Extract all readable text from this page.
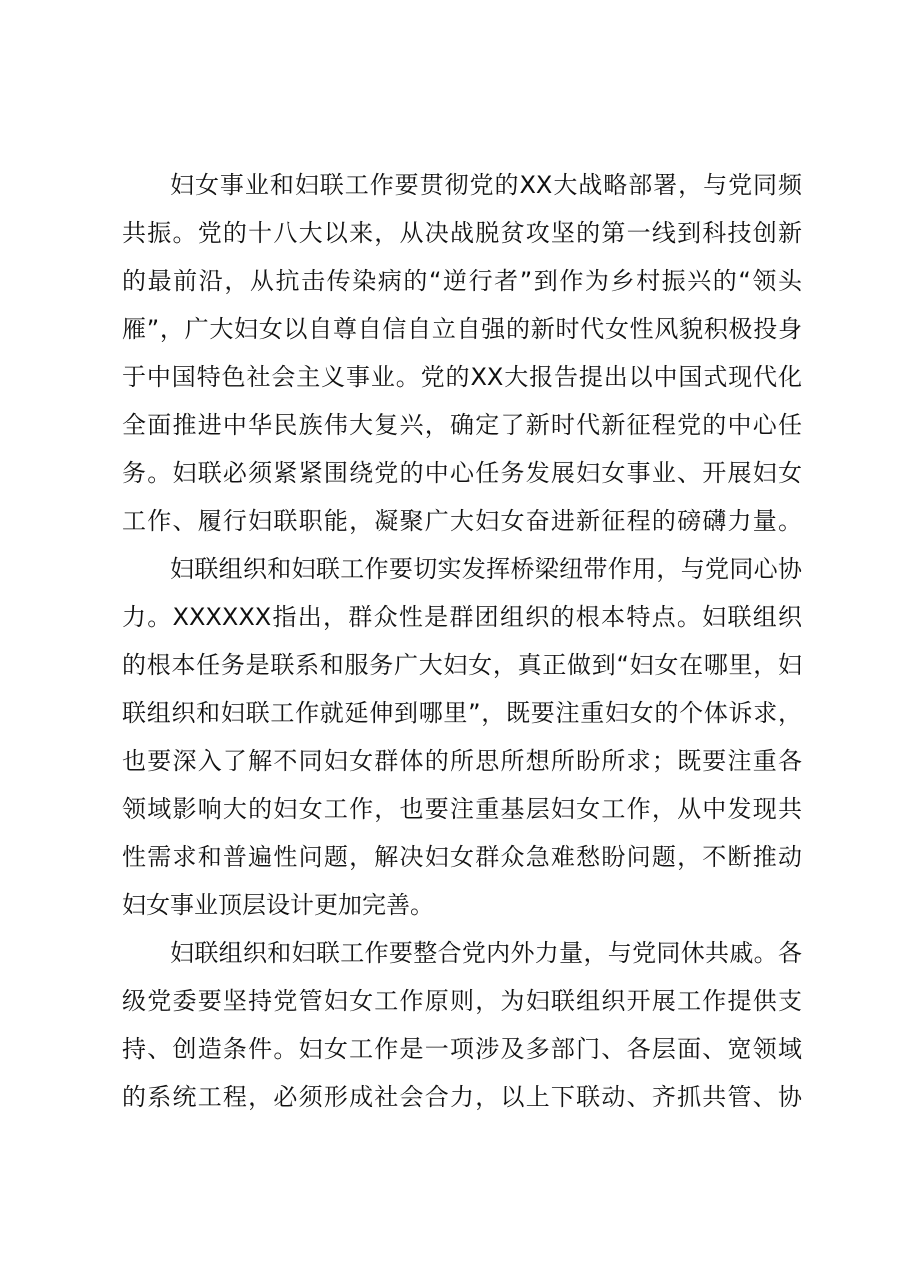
妇女事业和妇联工作要贯彻党的XX大战略部署，与党同频
共振。党的十八大以来，从决战脱贫攻坚的第一线到科技创新
的最前沿，从抗击传染病的“逆行者”到作为乡村振兴的“领头
雁”，广大妇女以自尊自信自立自强的新时代女性风貌积极投身
于中国特色社会主义事业。党的XX大报告提出以中国式现代化
全面推进中华民族伟大复兴，确定了新时代新征程党的中心任
务。妇联必须紧紧围绕党的中心任务发展妇女事业、开展妇女
工作、履行妇联职能，凝聚广大妇女奋进新征程的磅礴力量。

妇联组织和妇联工作要切实发挥桥梁纽带作用，与党同心协
力。XXXXXX指出，群众性是群团组织的根本特点。妇联组织
的根本任务是联系和服务广大妇女，真正做到“妇女在哪里，妇
联组织和妇联工作就延伸到哪里”，既要注重妇女的个体诉求，
也要深入了解不同妇女群体的所思所想所盼所求；既要注重各
领域影响大的妇女工作，也要注重基层妇女工作，从中发现共
性需求和普遍性问题，解决妇女群众急难愁盼问题，不断推动
妇女事业顶层设计更加完善。

妇联组织和妇联工作要整合党内外力量，与党同休共戚。各
级党委要坚持党管妇女工作原则，为妇联组织开展工作提供支
持、创造条件。妇女工作是一项涉及多部门、各层面、宽领域
的系统工程，必须形成社会合力，以上下联动、齐抓共管、协
